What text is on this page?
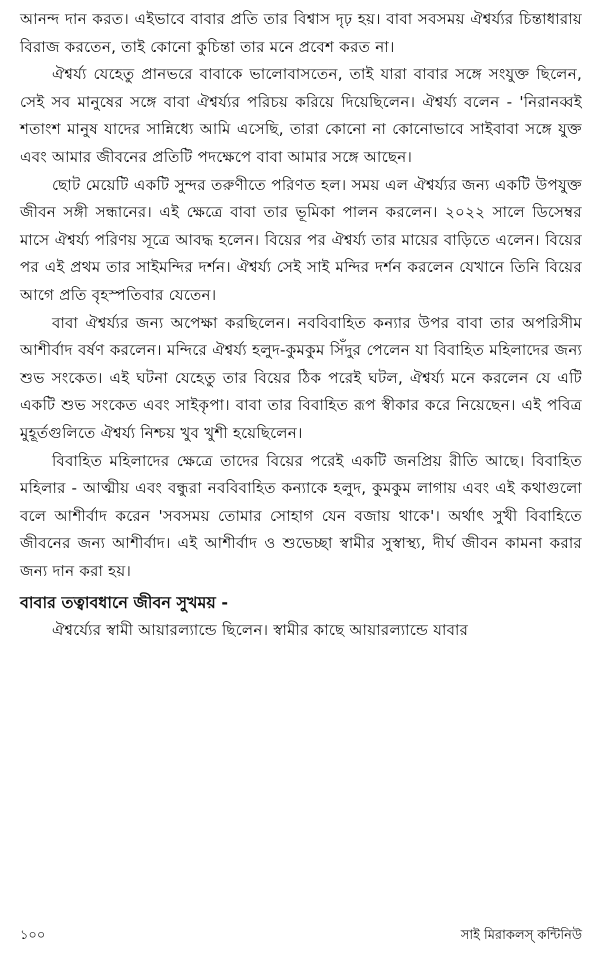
আনন্দ দান করত। এইভাবে বাবার প্রতি তার বিশ্বাস দৃঢ় হয়। বাবা সবসময় ঐশ্বর্য্যর চিন্তাধারায় বিরাজ করতেন, তাই কোনো কুচিন্তা তার মনে প্রবেশ করত না।

ঐশ্বর্য্য যেহেতু প্রানভরে বাবাকে ভালোবাসতেন, তাই যারা বাবার সঙ্গে সংযুক্ত ছিলেন, সেই সব মানুষের সঙ্গে বাবা ঐশ্বর্য্যর পরিচয় করিয়ে দিয়েছিলেন। ঐশ্বর্য্য বলেন - 'নিরানব্বই শতাংশ মানুষ যাদের সান্নিধ্যে আমি এসেছি, তারা কোনো না কোনোভাবে সাইবাবা সঙ্গে যুক্ত এবং আমার জীবনের প্রতিটি পদক্ষেপে বাবা আমার সঙ্গে আছেন।

ছোট মেয়েটি একটি সুন্দর তরুণীতে পরিণত হল। সময় এল ঐশ্বর্য্যর জন্য একটি উপযুক্ত জীবন সঙ্গী সন্ধানের। এই ক্ষেত্রে বাবা তার ভূমিকা পালন করলেন। ২০২২ সালে ডিসেম্বর মাসে ঐশ্বর্য্য পরিণয় সূত্রে আবদ্ধ হলেন। বিয়ের পর ঐশ্বর্য্য তার মায়ের বাড়িতে এলেন। বিয়ের পর এই প্রথম তার সাইমন্দির দর্শন। ঐশ্বর্য্য সেই সাই মন্দির দর্শন করলেন যেখানে তিনি বিয়ের আগে প্রতি বৃহস্পতিবার যেতেন।

বাবা ঐশ্বর্য্যর জন্য অপেক্ষা করছিলেন। নববিবাহিত কন্যার উপর বাবা তার অপরিসীম আশীর্বাদ বর্ষণ করলেন। মন্দিরে ঐশ্বর্য্য হলুদ-কুমকুম সিঁদুর পেলেন যা বিবাহিত মহিলাদের জন্য শুভ সংকেত। এই ঘটনা যেহেতু তার বিয়ের ঠিক পরেই ঘটল, ঐশ্বর্য্য মনে করলেন যে এটি একটি শুভ সংকেত এবং সাইকৃপা। বাবা তার বিবাহিত রূপ স্বীকার করে নিয়েছেন। এই পবিত্র মুহূর্তগুলিতে ঐশ্বর্য্য নিশ্চয় খুব খুশী হয়েছিলেন।

বিবাহিত মহিলাদের ক্ষেত্রে তাদের বিয়ের পরেই একটি জনপ্রিয় রীতি আছে। বিবাহিত মহিলার - আত্মীয় এবং বন্ধুরা নববিবাহিত কন্যাকে হলুদ, কুমকুম লাগায় এবং এই কথাগুলো বলে আশীর্বাদ করেন 'সবসময় তোমার সোহাগ যেন বজায় থাকে'। অর্থাৎ সুখী বিবাহিতে জীবনের জন্য আশীর্বাদ। এই আশীর্বাদ ও শুভেচ্ছা স্বামীর সুস্বাস্থ্য, দীর্ঘ জীবন কামনা করার জন্য দান করা হয়।

বাবার তত্বাবধানে জীবন সুখময় -

ঐশ্বর্য্যের স্বামী আয়ারল্যান্ডে ছিলেন। স্বামীর কাছে আয়ারল্যান্ডে যাবার

১০০	সাই মিরাকলস্ কন্টিনিউ
